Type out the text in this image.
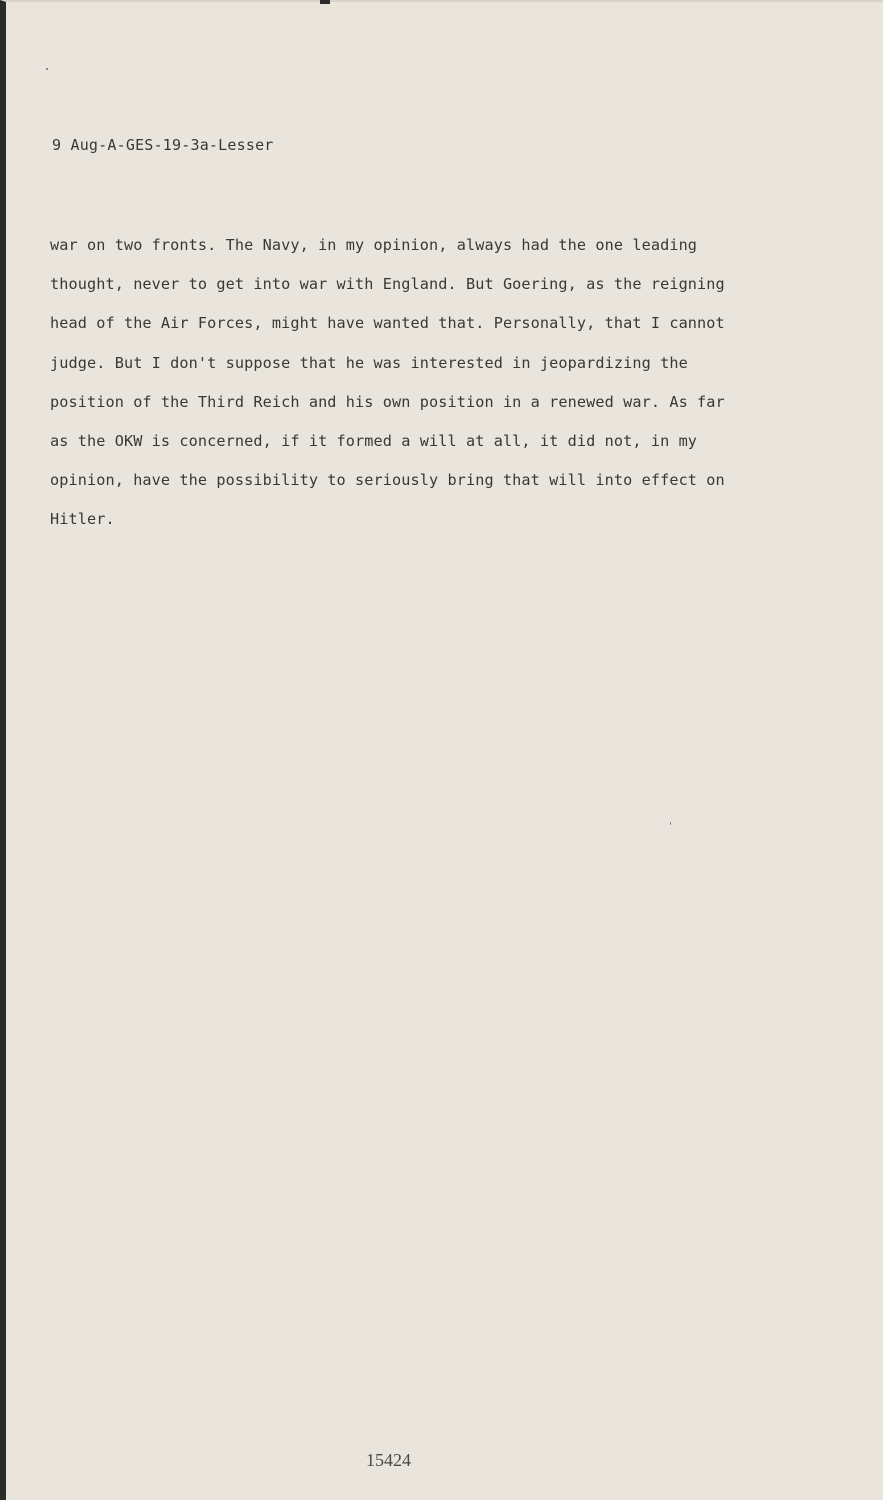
9 Aug-A-GES-19-3a-Lesser
war on two fronts. The Navy, in my opinion, always had the one leading
thought, never to get into war with England. But Goering, as the reigning
head of the Air Forces, might have wanted that. Personally, that I cannot
judge. But I don't suppose that he was interested in jeopardizing the
position of the Third Reich and his own position in a renewed war. As far
as the OKW is concerned, if it formed a will at all, it did not, in my
opinion, have the possibility to seriously bring that will into effect on
Hitler.
15424
